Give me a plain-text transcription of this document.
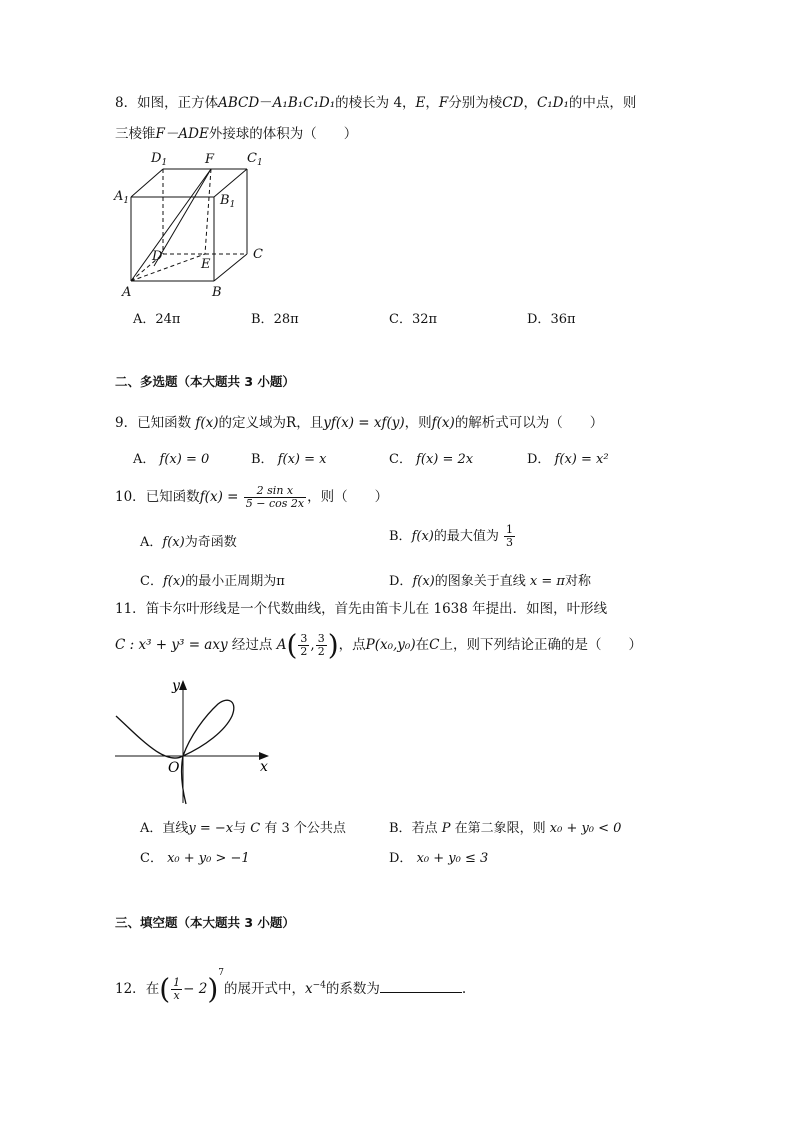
8．如图，正方体ABCD－A₁B₁C₁D₁的棱长为 4，E，F分别为棱CD，C₁D₁的中点，则
三棱锥F－ADE外接球的体积为（　　）
$D_1$	F	$C_1$
$A_1$	$B_1$
D
E
C
A	B
A．24π	B．28π	C．32π	D．36π
二、多选题（本大题共 3 小题）
9．已知函数 f(x)的定义域为R，且yf(x) = xf(y)，则f(x)的解析式可以为（　　）
A． f(x) = 0	B． f(x) = x	C． f(x) = 2x	D． f(x) = x²
10．已知函数$f(x) = \frac{\text{2 sin x}}{5 - \cos 2x}$ ，则（　　）
A．f(x)为奇函数	B．f(x)的最大值为 $\frac{1}{3}$
C．f(x)的最小正周期为π	D．f(x)的图象关于直线 x = π对称
11．笛卡尔叶形线是一个代数曲线，首先由笛卡儿在 1638 年提出．如图，叶形线
C : x³ + y³ = axy 经过点 $A( \frac{3}{2}$ , $\frac{3}{2}$ )，点P(x₀,y₀)在C上，则下列结论正确的是（　　）
y
x
O
A．直线y = −x与 C 有 3 个公共点	B．若点 P 在第二象限，则 x₀ + y₀ < 0
C． x₀ + y₀ > −1	D． x₀ + y₀ ≤ 3
三、填空题（本大题共 3 小题）
12．在( $\frac{1}{x} - 2)^7$的展开式中，$x^{-4}$的系数为	.
